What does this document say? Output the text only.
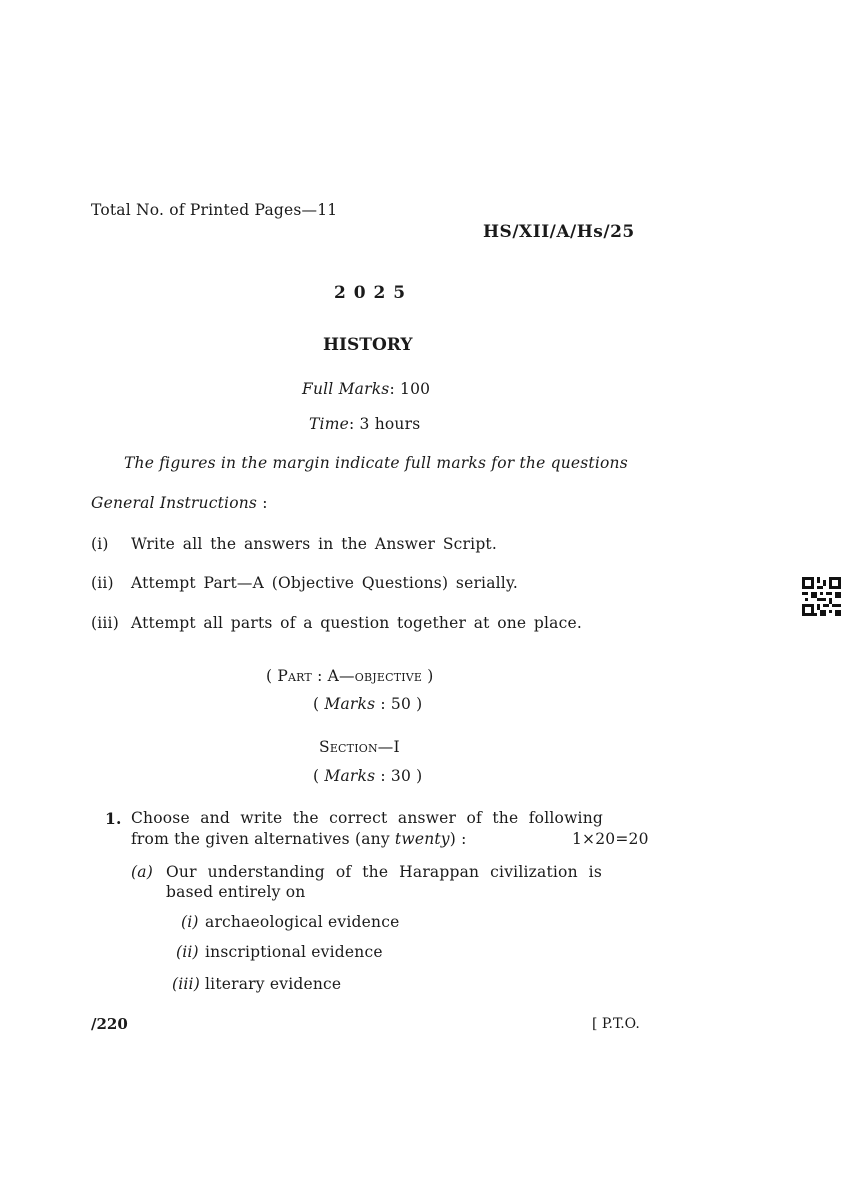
Total No. of Printed Pages—11
HS/XII/A/Hs/25
2 0 2 5
HISTORY
Full Marks: 100
Time: 3 hours
The figures in the margin indicate full marks for the questions
General Instructions :
(i) Write all the answers in the Answer Script.
(ii) Attempt Part—A (Objective Questions) serially.
(iii) Attempt all parts of a question together at one place.
( Part : A—objective )
( Marks : 50 )
Section—I
( Marks : 30 )
1. Choose and write the correct answer of the following
from the given alternatives (any twenty) :	1×20=20
(a) Our understanding of the Harappan civilization is
based entirely on
(i) archaeological evidence
(ii) inscriptional evidence
(iii) literary evidence
/220	[ P.T.O.
